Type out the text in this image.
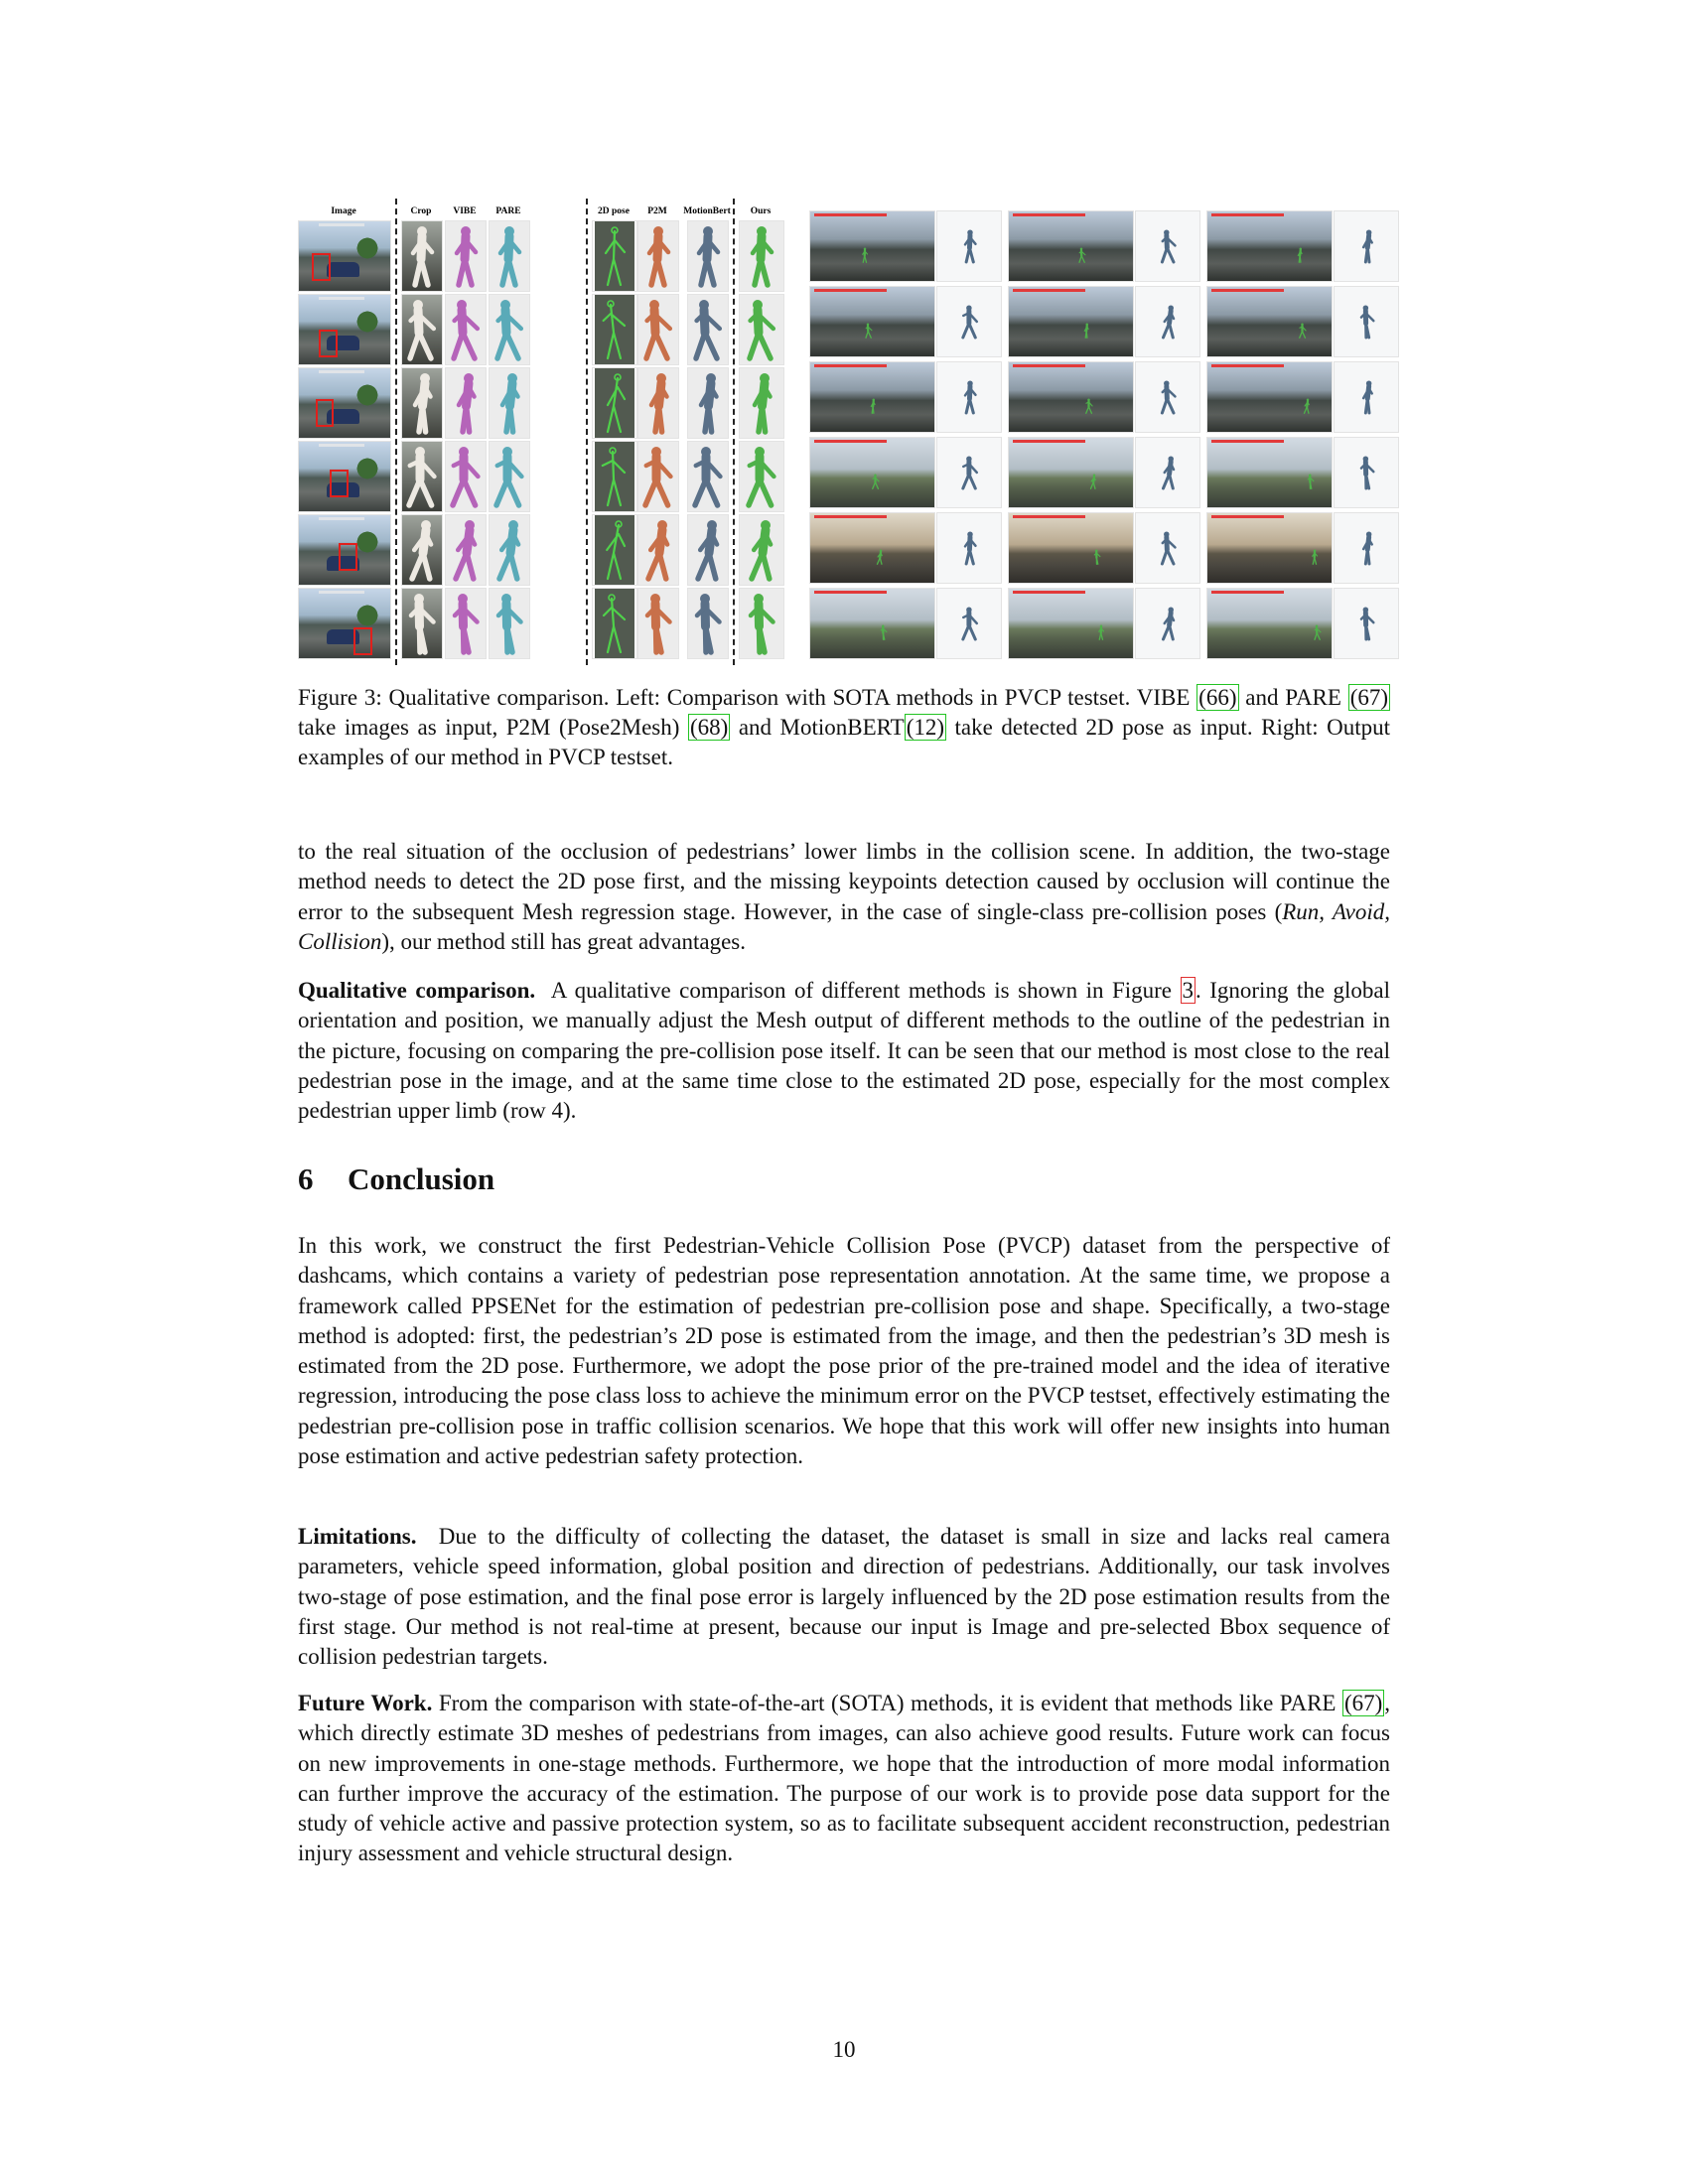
Image	Crop	VIBE	PARE	2D pose	P2M	MotionBert	Ours
Figure 3: Qualitative comparison. Left: Comparison with SOTA methods in PVCP testset. VIBE (66) and PARE (67) take images as input, P2M (Pose2Mesh) (68) and MotionBERT(12) take detected 2D pose as input. Right: Output examples of our method in PVCP testset.

to the real situation of the occlusion of pedestrians’ lower limbs in the collision scene. In addition, the two-stage method needs to detect the 2D pose first, and the missing keypoints detection caused by occlusion will continue the error to the subsequent Mesh regression stage. However, in the case of single-class pre-collision poses (Run, Avoid, Collision), our method still has great advantages.

Qualitative comparison. A qualitative comparison of different methods is shown in Figure 3. Ignoring the global orientation and position, we manually adjust the Mesh output of different methods to the outline of the pedestrian in the picture, focusing on comparing the pre-collision pose itself. It can be seen that our method is most close to the real pedestrian pose in the image, and at the same time close to the estimated 2D pose, especially for the most complex pedestrian upper limb (row 4).

6 Conclusion

In this work, we construct the first Pedestrian-Vehicle Collision Pose (PVCP) dataset from the perspective of dashcams, which contains a variety of pedestrian pose representation annotation. At the same time, we propose a framework called PPSENet for the estimation of pedestrian pre-collision pose and shape. Specifically, a two-stage method is adopted: first, the pedestrian’s 2D pose is estimated from the image, and then the pedestrian’s 3D mesh is estimated from the 2D pose. Furthermore, we adopt the pose prior of the pre-trained model and the idea of iterative regression, introducing the pose class loss to achieve the minimum error on the PVCP testset, effectively estimating the pedestrian pre-collision pose in traffic collision scenarios. We hope that this work will offer new insights into human pose estimation and active pedestrian safety protection.

Limitations. Due to the difficulty of collecting the dataset, the dataset is small in size and lacks real camera parameters, vehicle speed information, global position and direction of pedestrians. Additionally, our task involves two-stage of pose estimation, and the final pose error is largely influenced by the 2D pose estimation results from the first stage. Our method is not real-time at present, because our input is Image and pre-selected Bbox sequence of collision pedestrian targets.

Future Work. From the comparison with state-of-the-art (SOTA) methods, it is evident that methods like PARE (67), which directly estimate 3D meshes of pedestrians from images, can also achieve good results. Future work can focus on new improvements in one-stage methods. Furthermore, we hope that the introduction of more modal information can further improve the accuracy of the estimation. The purpose of our work is to provide pose data support for the study of vehicle active and passive protection system, so as to facilitate subsequent accident reconstruction, pedestrian injury assessment and vehicle structural design.

10
